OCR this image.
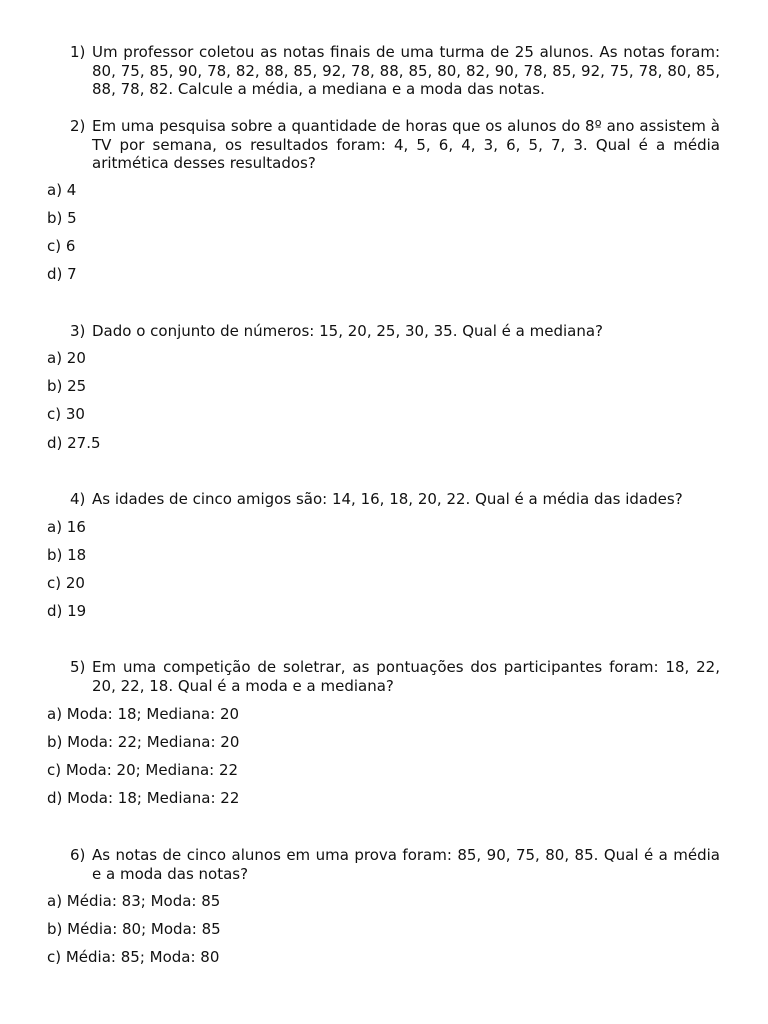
1) Um professor coletou as notas finais de uma turma de 25 alunos. As notas foram: 80, 75, 85, 90, 78, 82, 88, 85, 92, 78, 88, 85, 80, 82, 90, 78, 85, 92, 75, 78, 80, 85, 88, 78, 82. Calcule a média, a mediana e a moda das notas.
2) Em uma pesquisa sobre a quantidade de horas que os alunos do 8º ano assistem à TV por semana, os resultados foram: 4, 5, 6, 4, 3, 6, 5, 7, 3. Qual é a média aritmética desses resultados?
a) 4
b) 5
c) 6
d) 7
3) Dado o conjunto de números: 15, 20, 25, 30, 35. Qual é a mediana?
a) 20
b) 25
c) 30
d) 27.5
4) As idades de cinco amigos são: 14, 16, 18, 20, 22. Qual é a média das idades?
a) 16
b) 18
c) 20
d) 19
5) Em uma competição de soletrar, as pontuações dos participantes foram: 18, 22, 20, 22, 18. Qual é a moda e a mediana?
a) Moda: 18; Mediana: 20
b) Moda: 22; Mediana: 20
c) Moda: 20; Mediana: 22
d) Moda: 18; Mediana: 22
6) As notas de cinco alunos em uma prova foram: 85, 90, 75, 80, 85. Qual é a média e a moda das notas?
a) Média: 83; Moda: 85
b) Média: 80; Moda: 85
c) Média: 85; Moda: 80
